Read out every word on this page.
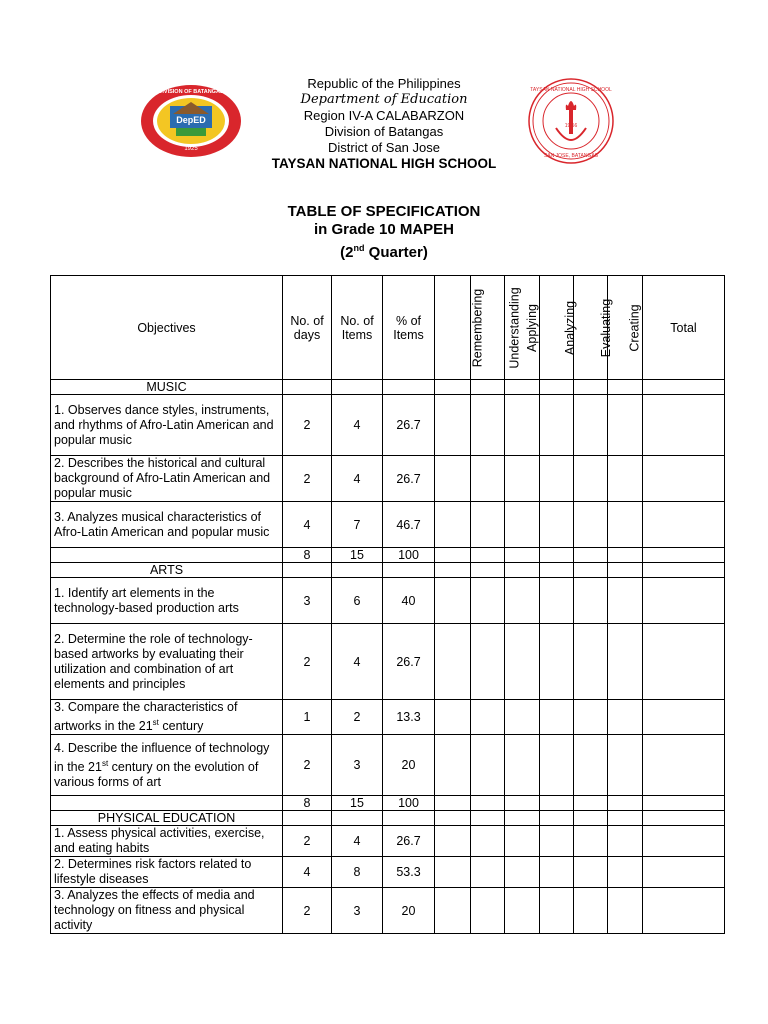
DepED
1925
DIVISION OF BATANGAS
19 56
TAYSAN NATIONAL HIGH SCHOOL
SAN JOSE, BATANGAS
Republic of the Philippines
Department of Education
Region IV-A CALABARZON
Division of Batangas
District of San Jose
TAYSAN NATIONAL HIGH SCHOOL
TABLE OF SPECIFICATION
in Grade 10 MAPEH
(2nd Quarter)
Objectives	No. of days	No. of Items	% of Items	Remembering	Understanding	Applying	Analyzing	Evaluating	Creating	Total
MUSIC										
1. Observes dance styles, instruments, and rhythms of Afro-Latin American and popular music	2	4	26.7							
2. Describes the historical and cultural background of Afro-Latin American and popular music	2	4	26.7							
3. Analyzes musical characteristics of Afro-Latin American and popular music	4	7	46.7							
	8	15	100							
ARTS										
1. Identify art elements in the technology-based production arts	3	6	40							
2. Determine the role of technology-based artworks by evaluating their utilization and combination of art elements and principles	2	4	26.7							
3. Compare the characteristics of artworks in the 21st century	1	2	13.3							
4. Describe the influence of technology in the 21st century on the evolution of various forms of art	2	3	20							
	8	15	100							
PHYSICAL EDUCATION										
1. Assess physical activities, exercise, and eating habits	2	4	26.7							
2. Determines risk factors related to lifestyle diseases	4	8	53.3							
3. Analyzes the effects of media and technology on fitness and physical activity	2	3	20							
